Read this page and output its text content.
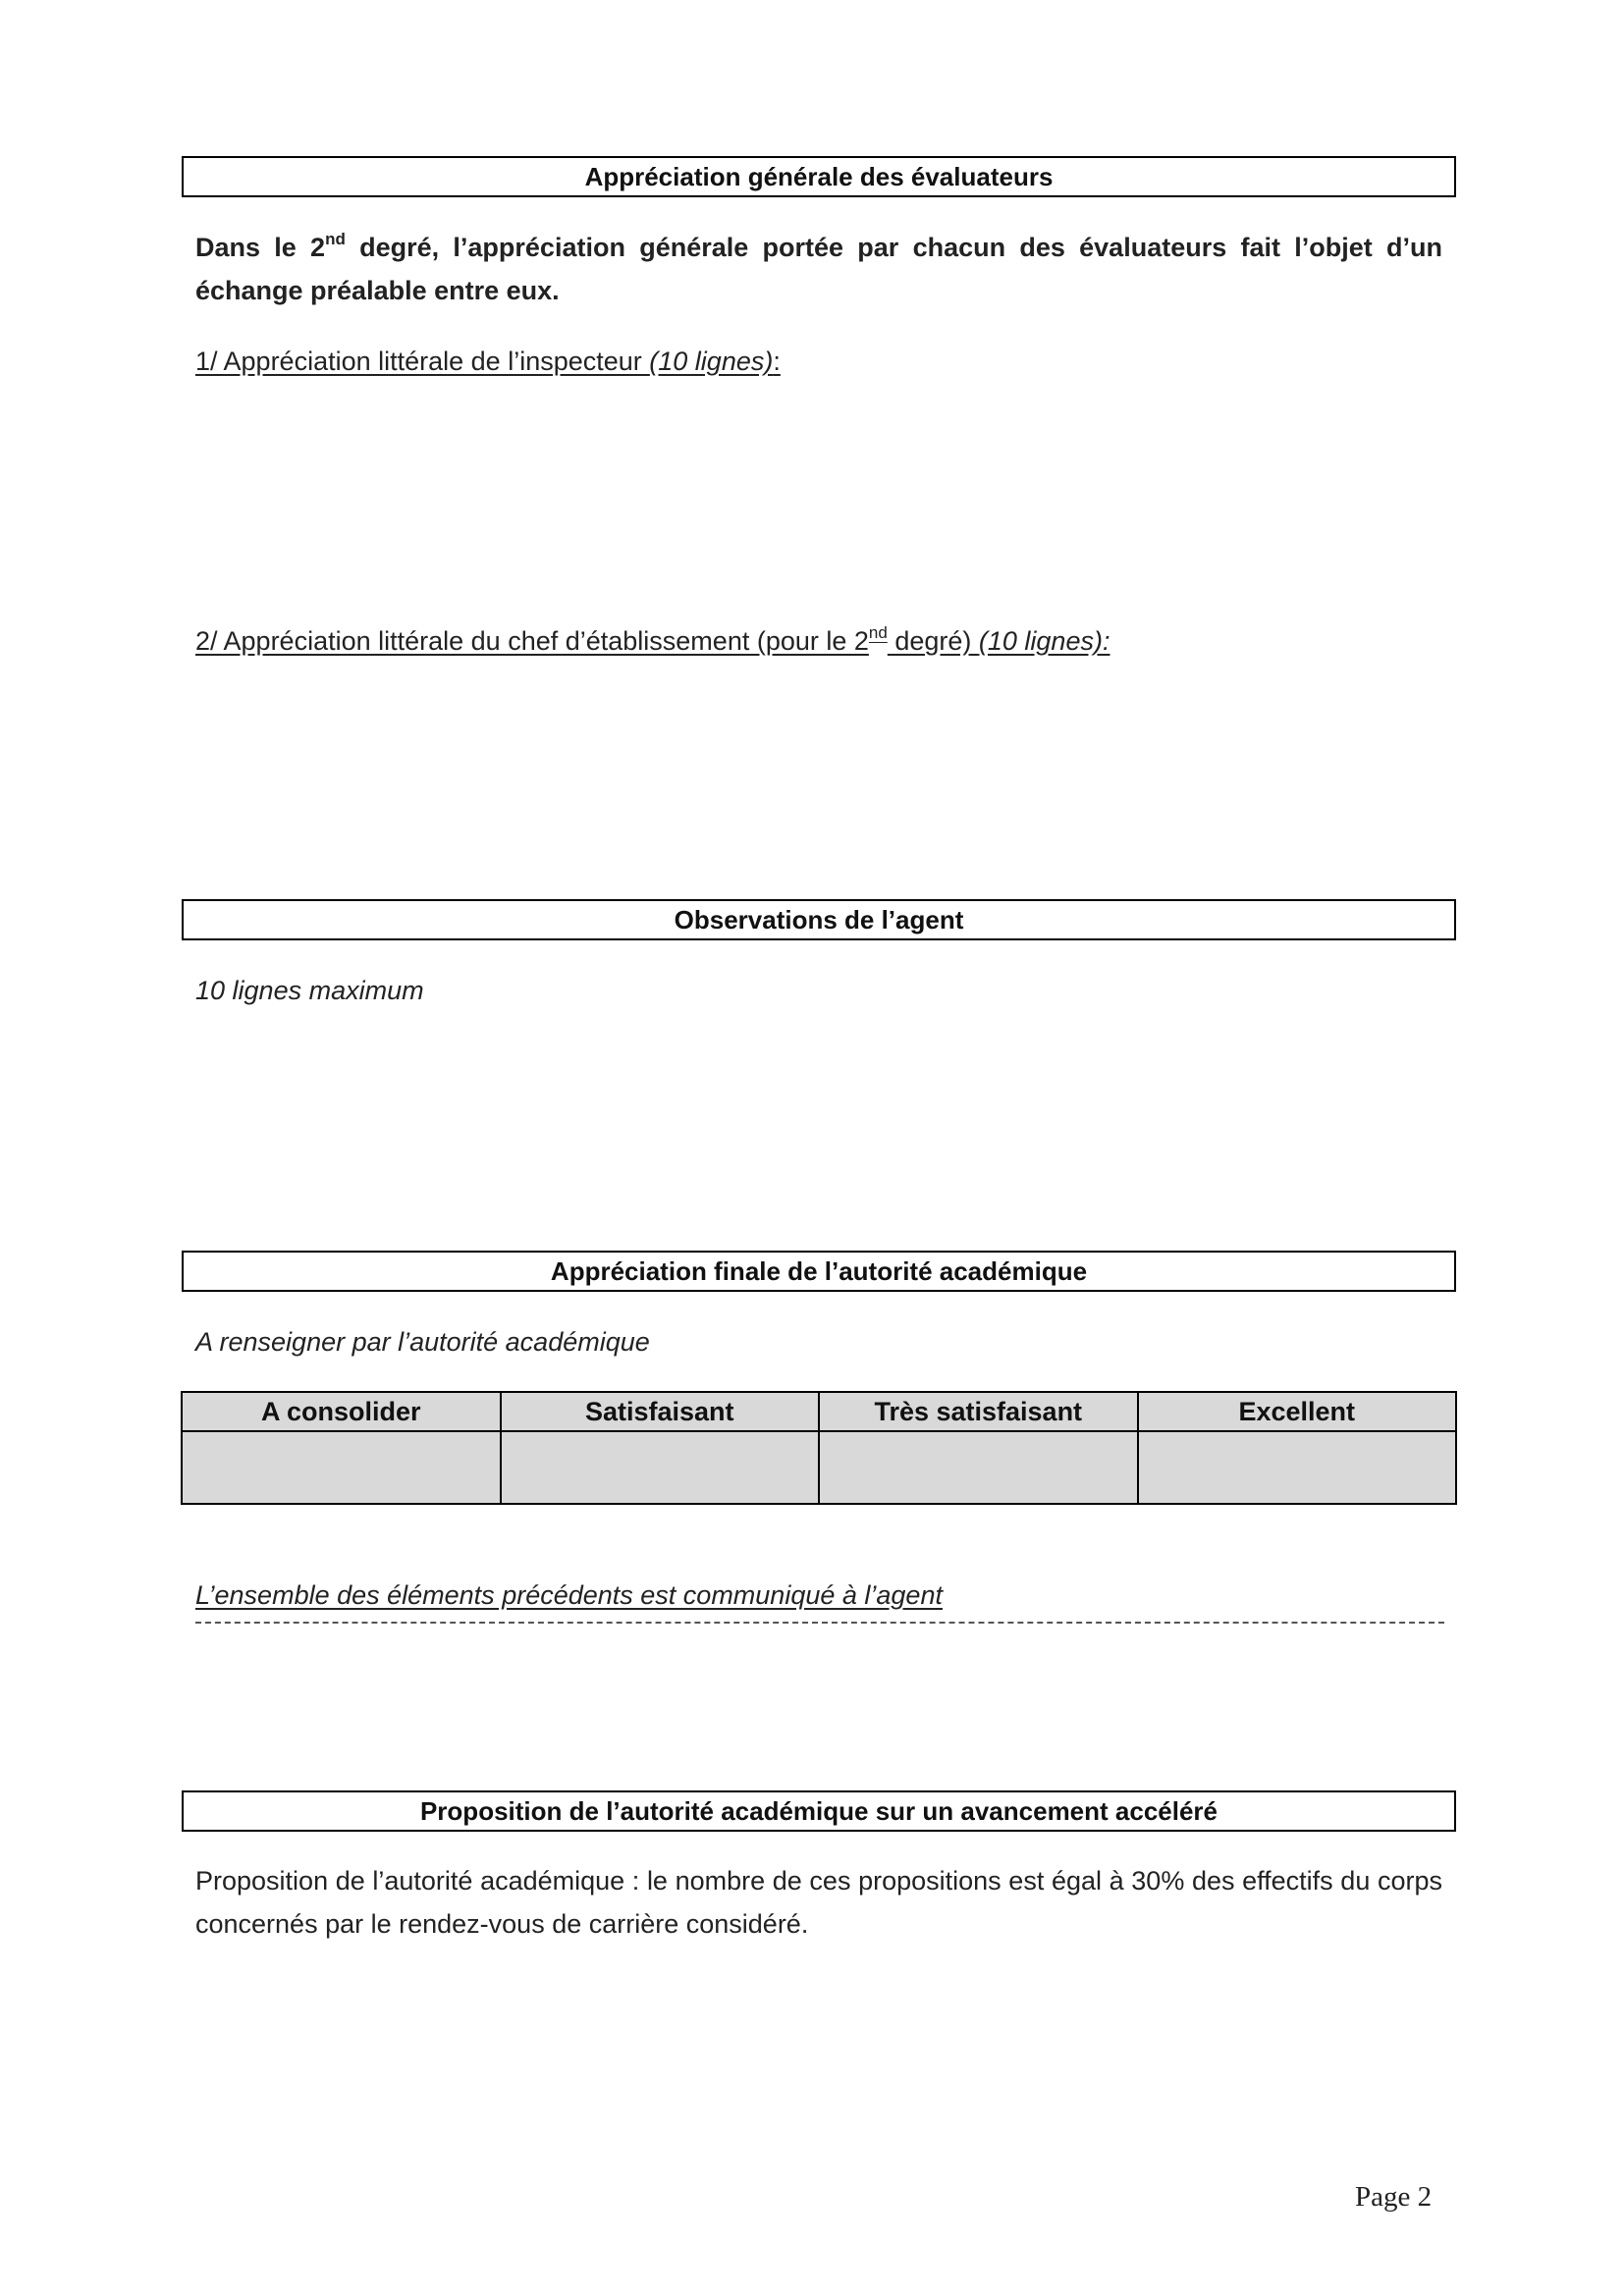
Appréciation générale des évaluateurs
Dans le 2nd degré, l’appréciation générale portée par chacun des évaluateurs fait l’objet d’un échange préalable entre eux.
1/ Appréciation littérale de l’inspecteur (10 lignes):
2/ Appréciation littérale du chef d’établissement (pour le 2nd degré) (10 lignes):
Observations de l’agent
10 lignes maximum
Appréciation finale de l’autorité académique
A renseigner par l’autorité académique
A consolider	Satisfaisant	Très satisfaisant	Excellent

L’ensemble des éléments précédents est communiqué à l’agent
Proposition de l’autorité académique sur un avancement accéléré
Proposition de l’autorité académique : le nombre de ces propositions est égal à 30% des effectifs du corps concernés par le rendez-vous de carrière considéré.
Page 2
